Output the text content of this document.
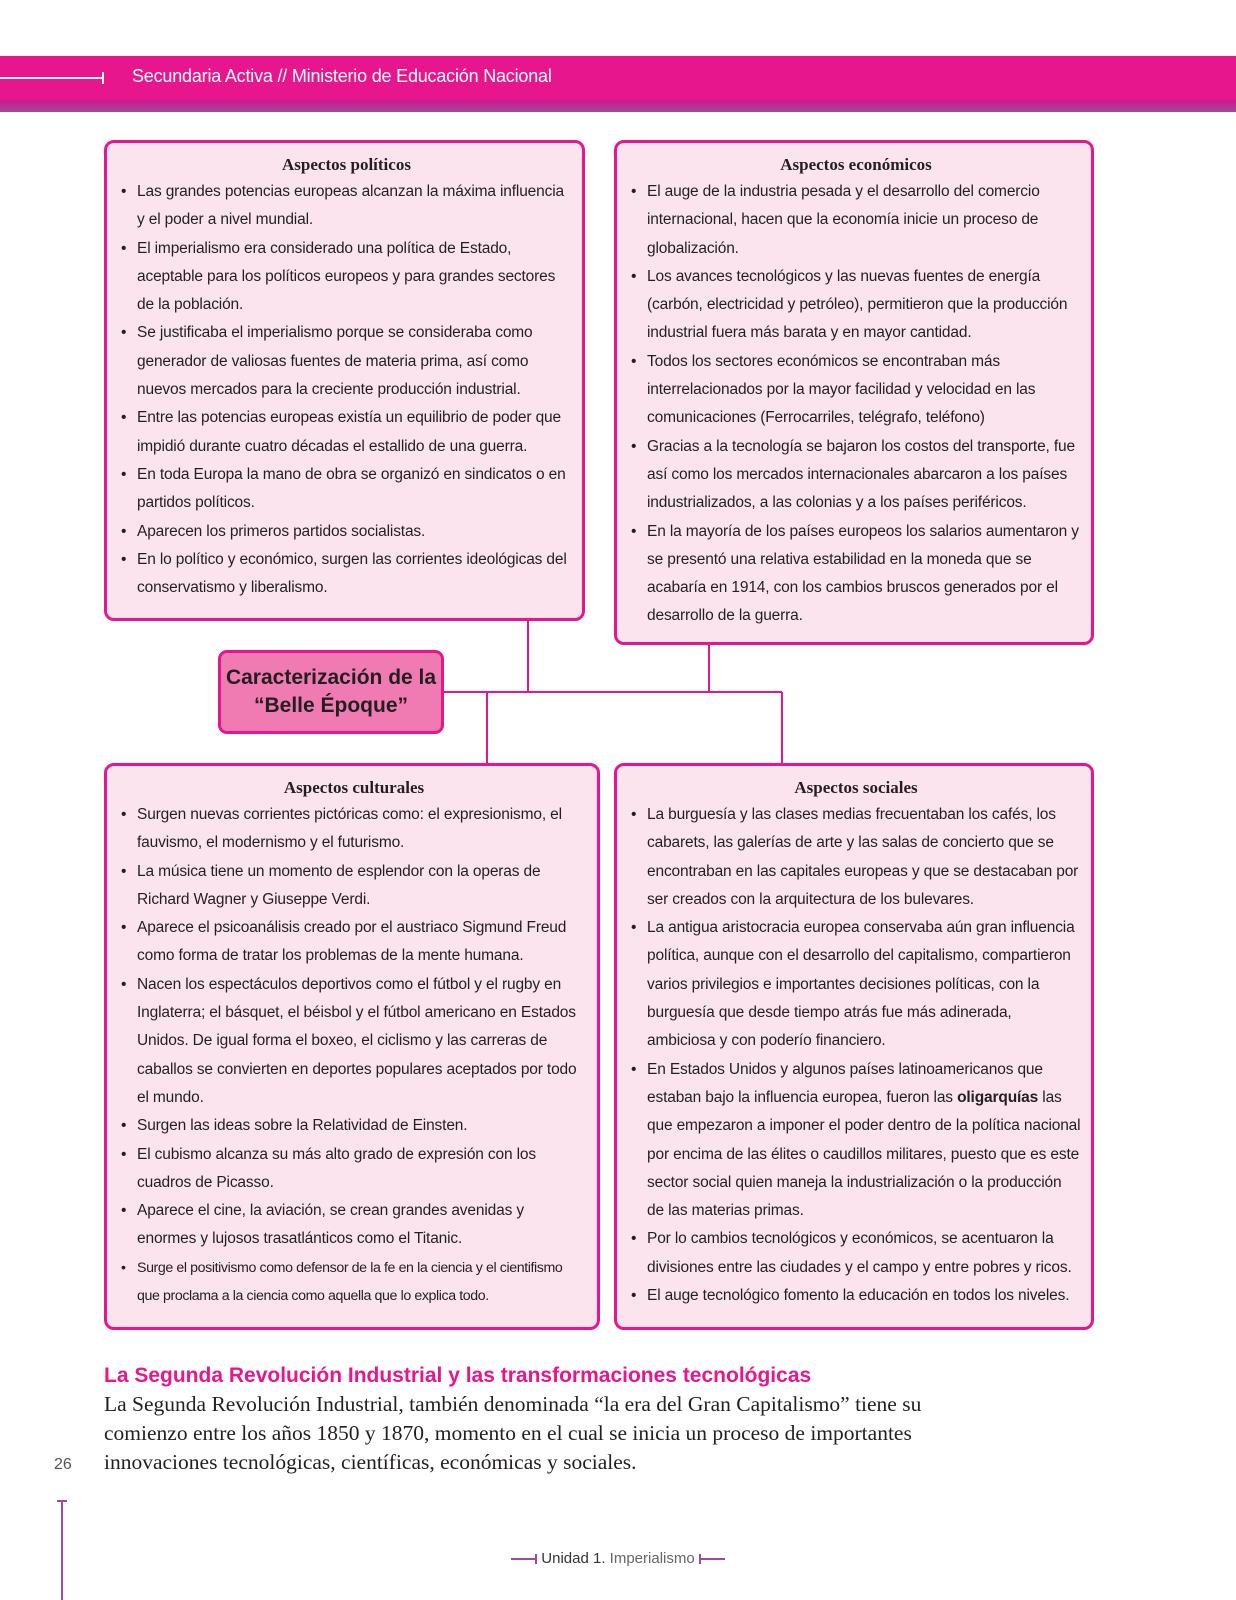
Secundaria Activa // Ministerio de Educación Nacional
Aspectos políticos
• Las grandes potencias europeas alcanzan la máxima influencia y el poder a nivel mundial.
• El imperialismo era considerado una política de Estado, aceptable para los políticos europeos y para grandes sectores de la población.
• Se justificaba el imperialismo porque se consideraba como generador de valiosas fuentes de materia prima, así como nuevos mercados para la creciente producción industrial.
• Entre las potencias europeas existía un equilibrio de poder que impidió durante cuatro décadas el estallido de una guerra.
• En toda Europa la mano de obra se organizó en sindicatos o en partidos políticos.
• Aparecen los primeros partidos socialistas.
• En lo político y económico, surgen las corrientes ideológicas del conservatismo y liberalismo.
Aspectos económicos
• El auge de la industria pesada y el desarrollo del comercio internacional, hacen que la economía inicie un proceso de globalización.
• Los avances tecnológicos y las nuevas fuentes de energía (carbón, electricidad y petróleo), permitieron que la producción industrial fuera más barata y en mayor cantidad.
• Todos los sectores económicos se encontraban más interrelacionados por la mayor facilidad y velocidad en las comunicaciones (Ferrocarriles, telégrafo, teléfono)
• Gracias a la tecnología se bajaron los costos del transporte, fue así como los mercados internacionales abarcaron a los países industrializados, a las colonias y a los países periféricos.
• En la mayoría de los países europeos los salarios aumentaron y se presentó una relativa estabilidad en la moneda que se acabaría en 1914, con los cambios bruscos generados por el desarrollo de la guerra.
Caracterización de la
“Belle Époque”
Aspectos culturales
• Surgen nuevas corrientes pictóricas como: el expresionismo, el fauvismo, el modernismo y el futurismo.
• La música tiene un momento de esplendor con la operas de Richard Wagner y Giuseppe Verdi.
• Aparece el psicoanálisis creado por el austriaco Sigmund Freud como forma de tratar los problemas de la mente humana.
• Nacen los espectáculos deportivos como el fútbol y el rugby en Inglaterra; el básquet, el béisbol y el fútbol americano en Estados Unidos. De igual forma el boxeo, el ciclismo y las carreras de caballos se convierten en deportes populares aceptados por todo el mundo.
• Surgen las ideas sobre la Relatividad de Einsten.
• El cubismo alcanza su más alto grado de expresión con los cuadros de Picasso.
• Aparece el cine, la aviación, se crean grandes avenidas y enormes y lujosos trasatlánticos como el Titanic.
• Surge el positivismo como defensor de la fe en la ciencia y el cientifismo que proclama a la ciencia como aquella que lo explica todo.
Aspectos sociales
• La burguesía y las clases medias frecuentaban los cafés, los cabarets, las galerías de arte y las salas de concierto que se encontraban en las capitales europeas y que se destacaban por ser creados con la arquitectura de los bulevares.
• La antigua aristocracia europea conservaba aún gran influencia política, aunque con el desarrollo del capitalismo, compartieron varios privilegios e importantes decisiones políticas, con la burguesía que desde tiempo atrás fue más adinerada, ambiciosa y con poderío financiero.
• En Estados Unidos y algunos países latinoamericanos que estaban bajo la influencia europea, fueron las oligarquías las que empezaron a imponer el poder dentro de la política nacional por encima de las élites o caudillos militares, puesto que es este sector social quien maneja la industrialización o la producción de las materias primas.
• Por lo cambios tecnológicos y económicos, se acentuaron la divisiones entre las ciudades y el campo y entre pobres y ricos.
• El auge tecnológico fomento la educación en todos los niveles.
La Segunda Revolución Industrial y las transformaciones tecnológicas

La Segunda Revolución Industrial, también denominada “la era del Gran Capitalismo” tiene su comienzo entre los años 1850 y 1870, momento en el cual se inicia un proceso de importantes innovaciones tecnológicas, científicas, económicas y sociales.

26
Unidad 1. Imperialismo
